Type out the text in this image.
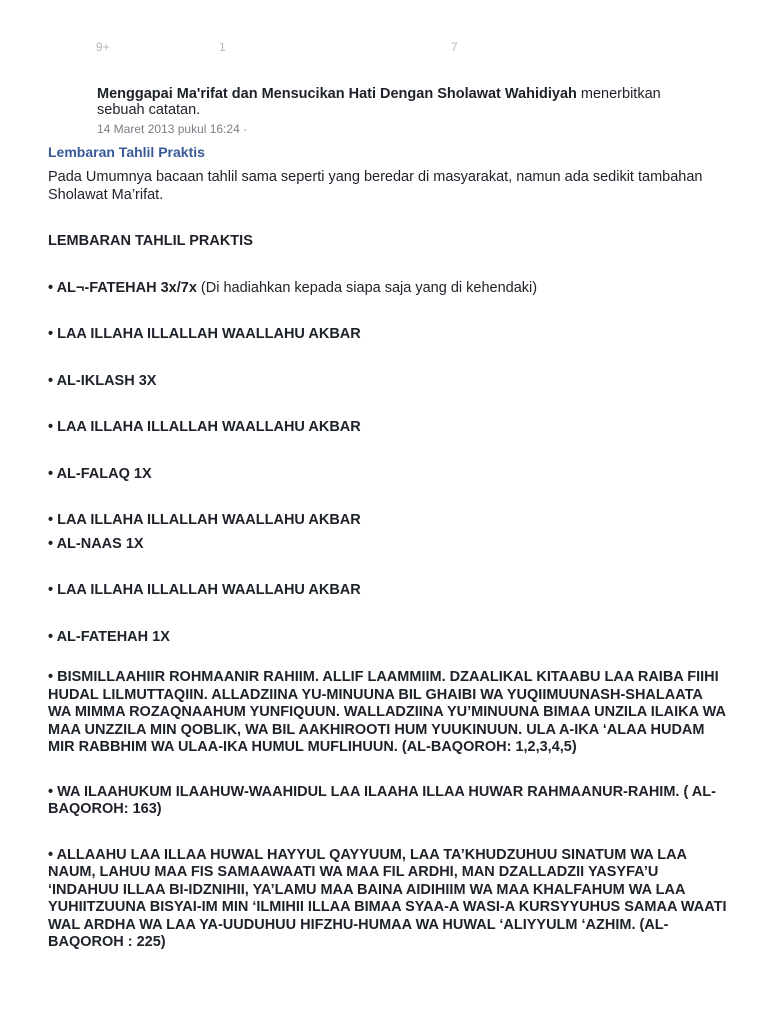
9+	1	7
Menggapai Ma'rifat dan Mensucikan Hati Dengan Sholawat Wahidiyah menerbitkan sebuah catatan.
14 Maret 2013 pukul 16:24 ·
Lembaran Tahlil Praktis

Pada Umumnya bacaan tahlil sama seperti yang beredar di masyarakat, namun ada sedikit tambahan Sholawat Ma’rifat.

LEMBARAN TAHLIL PRAKTIS

• AL¬-FATEHAH 3x/7x (Di hadiahkan kepada siapa saja yang di kehendaki)

• LAA ILLAHA ILLALLAH WAALLAHU AKBAR

• AL-IKLASH 3X

• LAA ILLAHA ILLALLAH WAALLAHU AKBAR

• AL-FALAQ 1X

• LAA ILLAHA ILLALLAH WAALLAHU AKBAR

• AL-NAAS 1X

• LAA ILLAHA ILLALLAH WAALLAHU AKBAR

• AL-FATEHAH 1X

• BISMILLAAHIIR ROHMAANIR RAHIIM. ALLIF LAAMMIIM. DZAALIKAL KITAABU LAA RAIBA FIIHI HUDAL LILMUTTAQIIN. ALLADZIINA YU-MINUUNA BIL GHAIBI WA YUQIIMUUNASH-SHALAATA WA MIMMA ROZAQNAAHUM YUNFIQUUN. WALLADZIINA YU’MINUUNA BIMAA UNZILA ILAIKA WA MAA UNZZILA MIN QOBLIK, WA BIL AAKHIROOTI HUM YUUKINUUN. ULA A-IKA ‘ALAA HUDAM MIR RABBHIM WA ULAA-IKA HUMUL MUFLIHUUN. (AL-BAQOROH: 1,2,3,4,5)

• WA ILAAHUKUM ILAAHUW-WAAHIDUL LAA ILAAHA ILLAA HUWAR RAHMAANUR-RAHIM. ( AL-BAQOROH: 163)

• ALLAAHU LAA ILLAA HUWAL HAYYUL QAYYUUM, LAA TA’KHUDZUHUU SINATUM WA LAA NAUM, LAHUU MAA FIS SAMAAWAATI WA MAA FIL ARDHI, MAN DZALLADZII YASYFA’U ‘INDAHUU ILLAA BI-IDZNIHII, YA’LAMU MAA BAINA AIDIHIIM WA MAA KHALFAHUM WA LAA YUHIITZUUNA BISYAI-IM MIN ‘ILMIHII ILLAA BIMAA SYAA-A WASI-A KURSYYUHUS SAMAA WAATI WAL ARDHA WA LAA YA-UUDUHUU HIFZHU-HUMAA WA HUWAL ‘ALIYYULM ‘AZHIM. (AL-BAQOROH : 225)
